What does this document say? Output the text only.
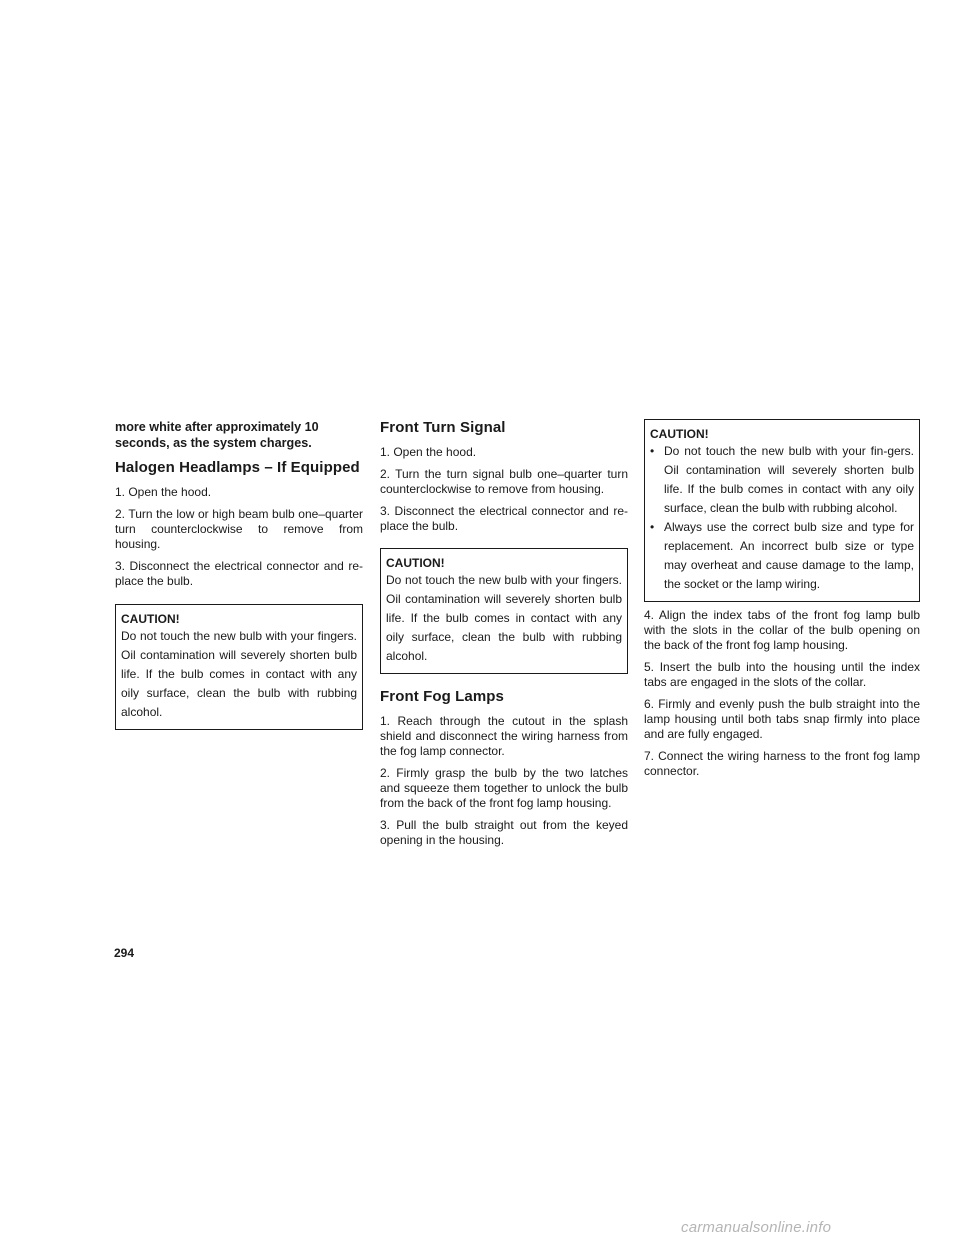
more white after approximately 10 seconds, as the system charges.

Halogen Headlamps – If Equipped

1. Open the hood.

2. Turn the low or high beam bulb one–quarter turn counterclockwise to remove from housing.

3. Disconnect the electrical connector and re-place the bulb.

CAUTION!

Do not touch the new bulb with your fingers. Oil contamination will severely shorten bulb life. If the bulb comes in contact with any oily surface, clean the bulb with rubbing alcohol.

Front Turn Signal

1. Open the hood.

2. Turn the turn signal bulb one–quarter turn counterclockwise to remove from housing.

3. Disconnect the electrical connector and re-place the bulb.

CAUTION!

Do not touch the new bulb with your fingers. Oil contamination will severely shorten bulb life. If the bulb comes in contact with any oily surface, clean the bulb with rubbing alcohol.

Front Fog Lamps

1. Reach through the cutout in the splash shield and disconnect the wiring harness from the fog lamp connector.

2. Firmly grasp the bulb by the two latches and squeeze them together to unlock the bulb from the back of the front fog lamp housing.

3. Pull the bulb straight out from the keyed opening in the housing.

CAUTION!

• Do not touch the new bulb with your fin-gers. Oil contamination will severely shorten bulb life. If the bulb comes in contact with any oily surface, clean the bulb with rubbing alcohol.
• Always use the correct bulb size and type for replacement. An incorrect bulb size or type may overheat and cause damage to the lamp, the socket or the lamp wiring.

4. Align the index tabs of the front fog lamp bulb with the slots in the collar of the bulb opening on the back of the front fog lamp housing.

5. Insert the bulb into the housing until the index tabs are engaged in the slots of the collar.

6. Firmly and evenly push the bulb straight into the lamp housing until both tabs snap firmly into place and are fully engaged.

7. Connect the wiring harness to the front fog lamp connector.

294
carmanualsonline.info
